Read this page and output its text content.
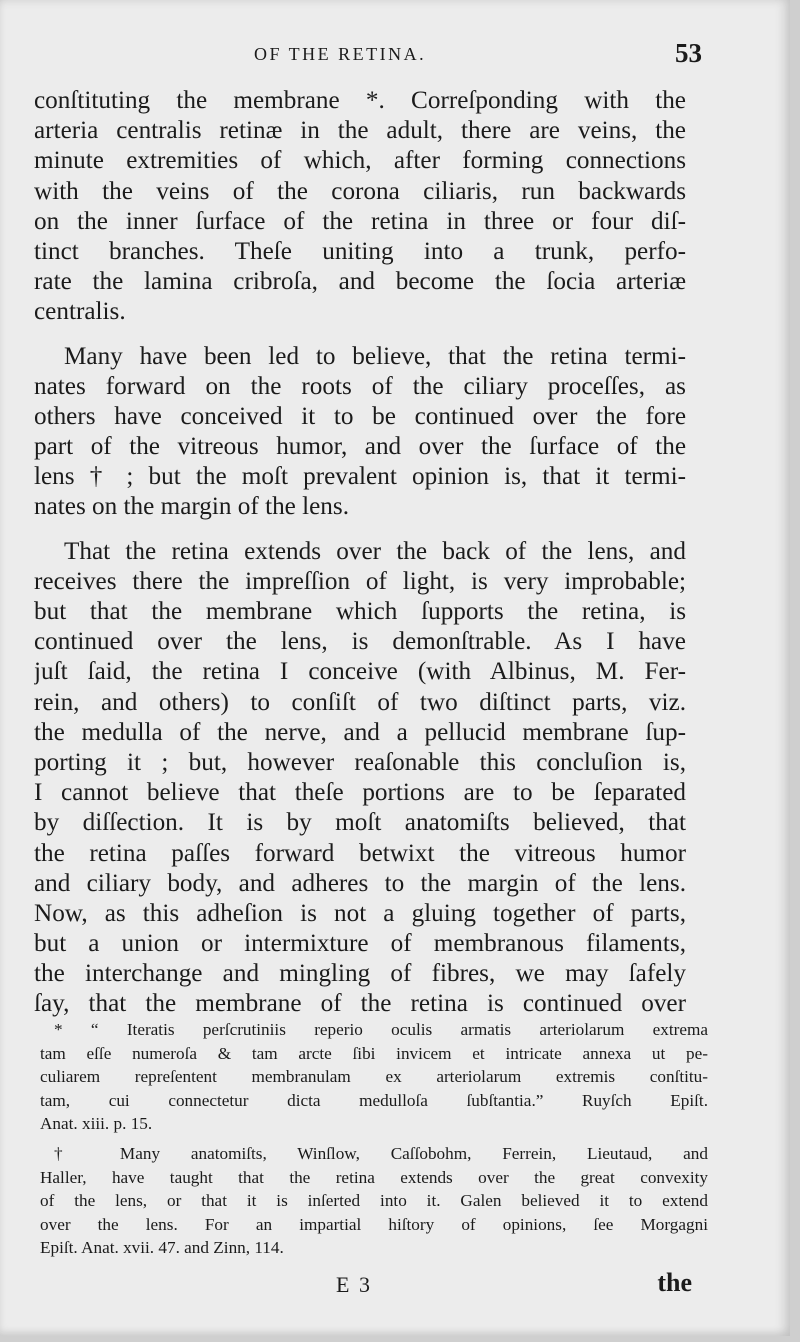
OF THE RETINA.	53
conſtituting the membrane *. Correſponding with the
arteria centralis retinæ in the adult, there are veins, the
minute extremities of which, after forming connections
with the veins of the corona ciliaris, run backwards
on the inner ſurface of the retina in three or four diſ-
tinct branches. Theſe uniting into a trunk, perfo-
rate the lamina cribroſa, and become the ſocia arteriæ
centralis.
Many have been led to believe, that the retina termi-
nates forward on the roots of the ciliary proceſſes, as
others have conceived it to be continued over the fore
part of the vitreous humor, and over the ſurface of the
lens † ; but the moſt prevalent opinion is, that it termi-
nates on the margin of the lens.
That the retina extends over the back of the lens, and
receives there the impreſſion of light, is very improbable;
but that the membrane which ſupports the retina, is
continued over the lens, is demonſtrable. As I have
juſt ſaid, the retina I conceive (with Albinus, M. Fer-
rein, and others) to conſiſt of two diſtinct parts, viz.
the medulla of the nerve, and a pellucid membrane ſup-
porting it ; but, however reaſonable this concluſion is,
I cannot believe that theſe portions are to be ſeparated
by diſſection. It is by moſt anatomiſts believed, that
the retina paſſes forward betwixt the vitreous humor
and ciliary body, and adheres to the margin of the lens.
Now, as this adheſion is not a gluing together of parts,
but a union or intermixture of membranous filaments,
the interchange and mingling of fibres, we may ſafely
ſay, that the membrane of the retina is continued over
* “ Iteratis perſcrutiniis reperio oculis armatis arteriolarum extrema
tam eſſe numeroſa & tam arcte ſibi invicem et intricate annexa ut pe-
culiarem repreſentent membranulam ex arteriolarum extremis conſtitu-
tam, cui connectetur dicta medulloſa ſubſtantia.” Ruyſch Epiſt.
Anat. xiii. p. 15.
† Many anatomiſts, Winſlow, Caſſobohm, Ferrein, Lieutaud, and
Haller, have taught that the retina extends over the great convexity
of the lens, or that it is inſerted into it. Galen believed it to extend
over the lens. For an impartial hiſtory of opinions, ſee Morgagni
Epiſt. Anat. xvii. 47. and Zinn, 114.
E 3	the
